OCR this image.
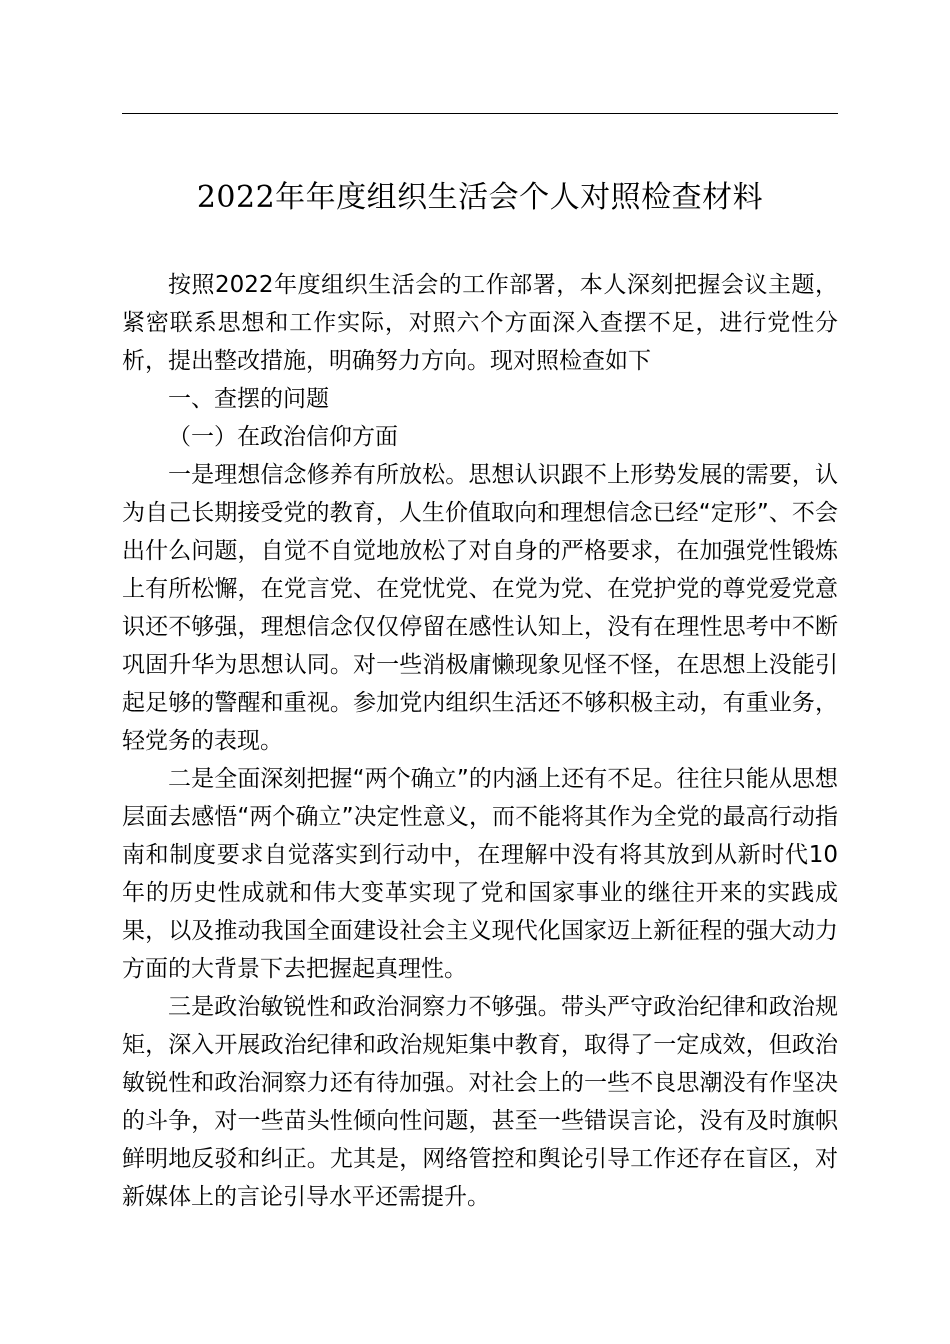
2022年年度组织生活会个人对照检查材料

按照2022年度组织生活会的工作部署，本人深刻把握会议主题，紧密联系思想和工作实际，对照六个方面深入查摆不足，进行党性分析，提出整改措施，明确努力方向。现对照检查如下

一、查摆的问题

（一）在政治信仰方面

一是理想信念修养有所放松。思想认识跟不上形势发展的需要，认为自己长期接受党的教育，人生价值取向和理想信念已经“定形”、不会出什么问题，自觉不自觉地放松了对自身的严格要求，在加强党性锻炼上有所松懈，在党言党、在党忧党、在党为党、在党护党的尊党爱党意识还不够强，理想信念仅仅停留在感性认知上，没有在理性思考中不断巩固升华为思想认同。对一些消极庸懒现象见怪不怪，在思想上没能引起足够的警醒和重视。参加党内组织生活还不够积极主动，有重业务，轻党务的表现。

二是全面深刻把握“两个确立”的内涵上还有不足。往往只能从思想层面去感悟“两个确立”决定性意义，而不能将其作为全党的最高行动指南和制度要求自觉落实到行动中，在理解中没有将其放到从新时代10年的历史性成就和伟大变革实现了党和国家事业的继往开来的实践成果，以及推动我国全面建设社会主义现代化国家迈上新征程的强大动力方面的大背景下去把握起真理性。

三是政治敏锐性和政治洞察力不够强。带头严守政治纪律和政治规矩，深入开展政治纪律和政治规矩集中教育，取得了一定成效，但政治敏锐性和政治洞察力还有待加强。对社会上的一些不良思潮没有作坚决的斗争，对一些苗头性倾向性问题，甚至一些错误言论，没有及时旗帜鲜明地反驳和纠正。尤其是，网络管控和舆论引导工作还存在盲区，对新媒体上的言论引导水平还需提升。
